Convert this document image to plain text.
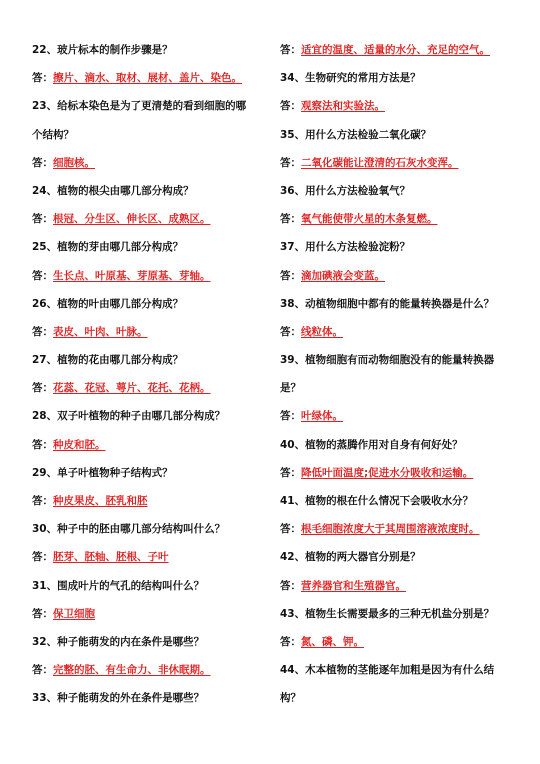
22、玻片标本的制作步骤是？
答：擦片、滴水、取材、展材、盖片、染色。
23、给标本染色是为了更清楚的看到细胞的哪
个结构？
答：细胞核。
24、植物的根尖由哪几部分构成？
答：根冠、分生区、伸长区、成熟区。
25、植物的芽由哪几部分构成？
答：生长点、叶原基、芽原基、芽轴。
26、植物的叶由哪几部分构成？
答：表皮、叶肉、叶脉。
27、植物的花由哪几部分构成？
答：花蕊、花冠、萼片、花托、花柄。
28、双子叶植物的种子由哪几部分构成？
答：种皮和胚。
29、单子叶植物种子结构式？
答：种皮果皮、胚乳和胚
30、种子中的胚由哪几部分结构叫什么？
答：胚芽、胚轴、胚根、子叶
31、围成叶片的气孔的结构叫什么？
答：保卫细胞
32、种子能萌发的内在条件是哪些？
答：完整的胚、有生命力、非休眠期。
33、种子能萌发的外在条件是哪些？
答：适宜的温度、适量的水分、充足的空气。
34、生物研究的常用方法是？
答：观察法和实验法。
35、用什么方法检验二氧化碳？
答：二氧化碳能让澄清的石灰水变浑。
36、用什么方法检验氧气？
答：氧气能使带火星的木条复燃。
37、用什么方法检验淀粉？
答：滴加碘液会变蓝。
38、动植物细胞中都有的能量转换器是什么？
答：线粒体。
39、植物细胞有而动物细胞没有的能量转换器
是？
答：叶绿体。
40、植物的蒸腾作用对自身有何好处？
答：降低叶面温度;促进水分吸收和运输。
41、植物的根在什么情况下会吸收水分？
答：根毛细胞浓度大于其周围溶液浓度时。
42、植物的两大器官分别是？
答：营养器官和生殖器官。
43、植物生长需要最多的三种无机盐分别是？
答：氮、磷、钾。
44、木本植物的茎能逐年加粗是因为有什么结
构？
